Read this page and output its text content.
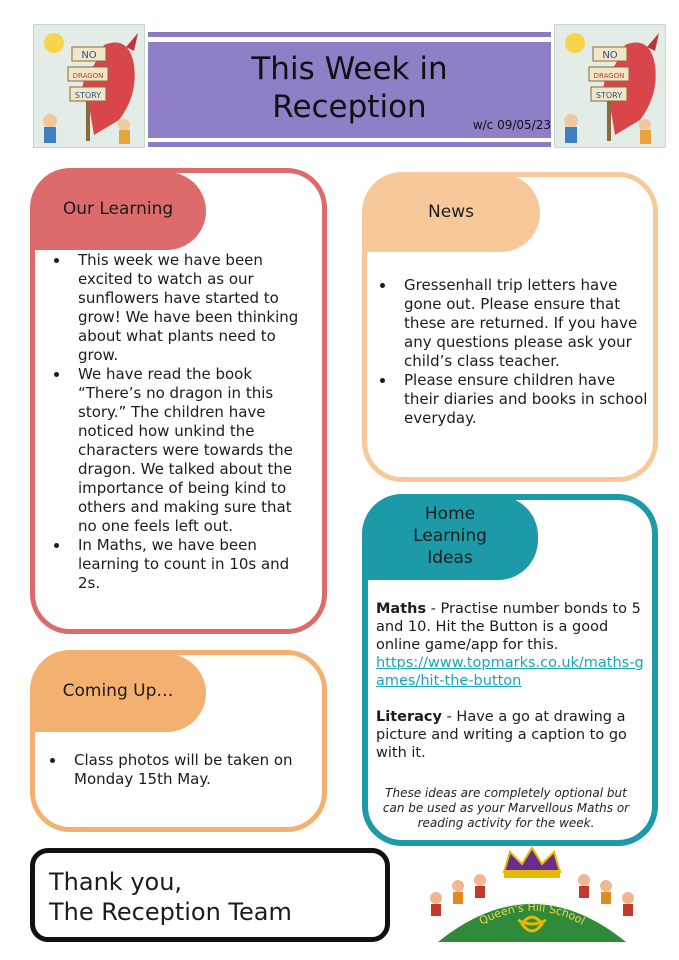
NO
DRAGON
STORY
NO
DRAGON
STORY
This Week in
Reception	w/c 09/05/23
Our Learning
• This week we have been excited to watch as our sunflowers have started to grow! We have been thinking about what plants need to grow.
• We have read the book “There’s no dragon in this story.” The children have noticed how unkind the characters were towards the dragon. We talked about the importance of being kind to others and making sure that no one feels left out.
• In Maths, we have been learning to count in 10s and 2s.
News
• Gressenhall trip letters have gone out. Please ensure that these are returned. If you have any questions please ask your child’s class teacher.
• Please ensure children have their diaries and books in school everyday.
Coming Up…
• Class photos will be taken on Monday 15th May.
Home
Learning
Ideas

Maths - Practise number bonds to 5 and 10. Hit the Button is a good online game/app for this.
https://www.topmarks.co.uk/maths-games/hit-the-button

Literacy - Have a go at drawing a picture and writing a caption to go with it.

These ideas are completely optional but can be used as your Marvellous Maths or reading activity for the week.
Thank you,
The Reception Team	Queen's Hill School
